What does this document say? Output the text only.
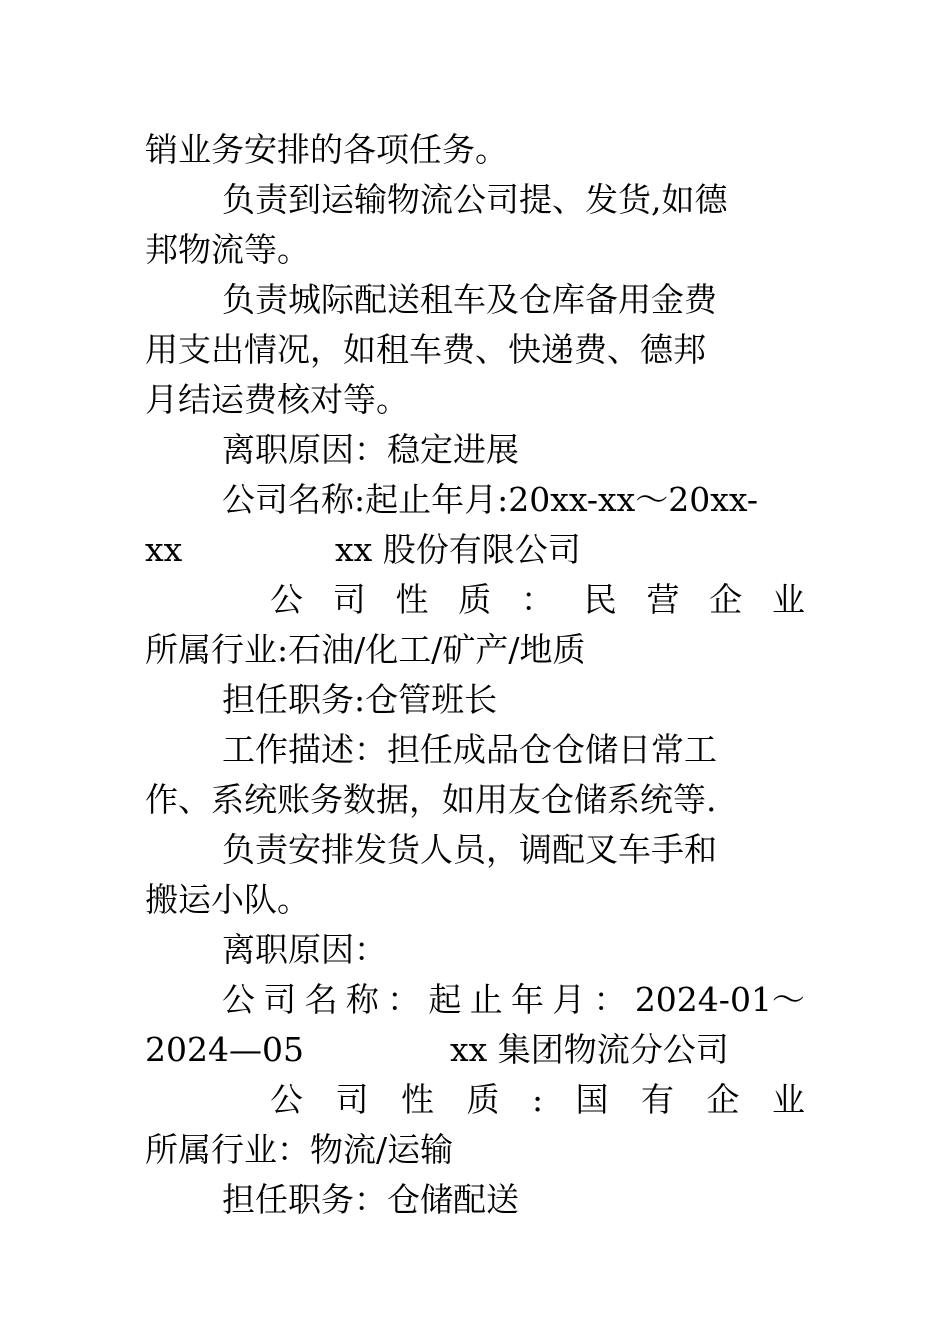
销业务安排的各项任务。
负责到运输物流公司提、发货,如德
邦物流等。
负责城际配送租车及仓库备用金费
用支出情况，如租车费、快递费、德邦
月结运费核对等。
离职原因：稳定进展
公司名称:起止年月:20xx-xx～20xx-
xx	xx 股份有限公司
公 司 性 质 ： 民 营 企 业
所属行业:石油/化工/矿产/地质
担任职务:仓管班长
工作描述：担任成品仓仓储日常工
作、系统账务数据，如用友仓储系统等.
负责安排发货人员，调配叉车手和
搬运小队。
离职原因：
公 司 名 称 ： 起 止 年 月 ： 2024-01～
2024—05	xx 集团物流分公司
公 司 性 质 : 国 有 企 业
所属行业：物流/运输
担任职务：仓储配送
